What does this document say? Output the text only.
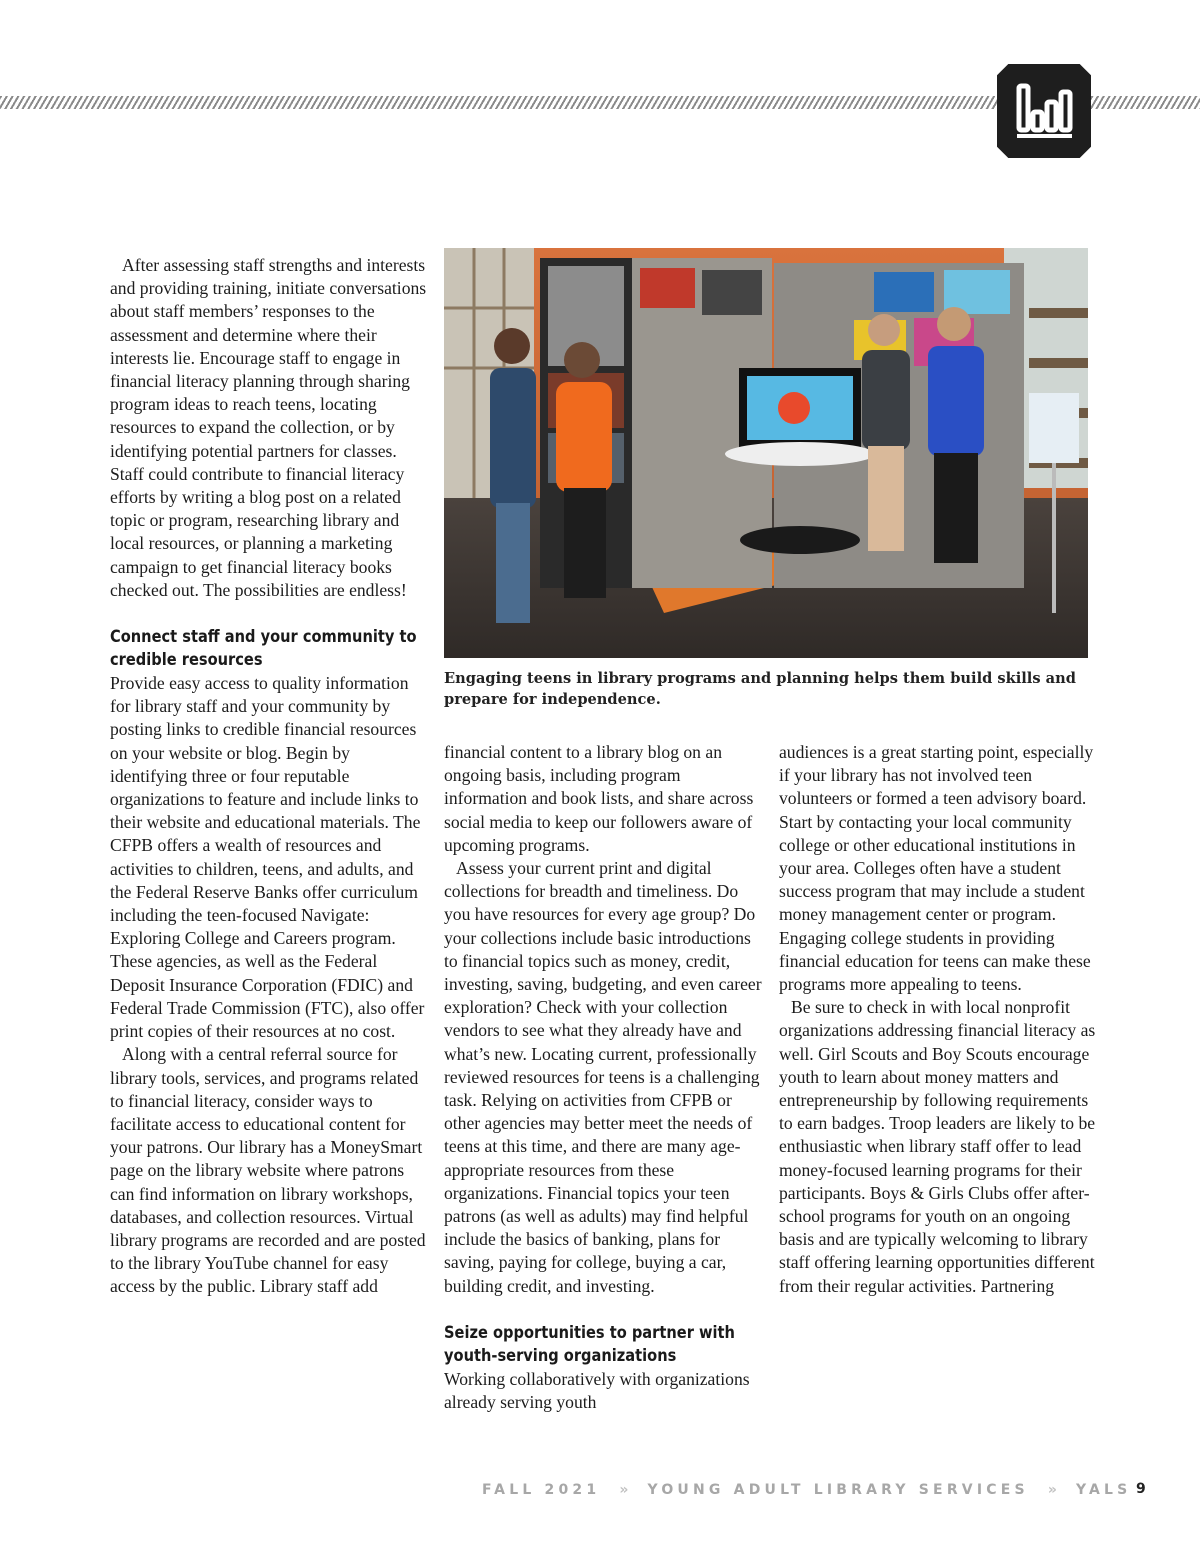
After assessing staff strengths and interests and providing training, initiate conversations about staff members’ responses to the assessment and determine where their interests lie. Encourage staff to engage in financial literacy planning through sharing program ideas to reach teens, locating resources to expand the collection, or by identifying potential partners for classes. Staff could contribute to financial literacy efforts by writing a blog post on a related topic or program, researching library and local resources, or planning a marketing campaign to get financial literacy books checked out. The possibilities are endless!

Connect staff and your community to credible resources

Provide easy access to quality information for library staff and your community by posting links to credible financial resources on your website or blog. Begin by identifying three or four reputable organizations to feature and include links to their website and educational materials. The CFPB offers a wealth of resources and activities to children, teens, and adults, and the Federal Reserve Banks offer curriculum including the teen-focused Navigate: Exploring College and Careers program. These agencies, as well as the Federal Deposit Insurance Corporation (FDIC) and Federal Trade Commission (FTC), also offer print copies of their resources at no cost.

Along with a central referral source for library tools, services, and programs related to financial literacy, consider ways to facilitate access to educational content for your patrons. Our library has a MoneySmart page on the library website where patrons can find information on library workshops, databases, and collection resources. Virtual library programs are recorded and are posted to the library YouTube channel for easy access by the public. Library staff add

Engaging teens in library programs and planning helps them build skills and prepare for independence.

financial content to a library blog on an ongoing basis, including program information and book lists, and share across social media to keep our followers aware of upcoming programs.

Assess your current print and digital collections for breadth and timeliness. Do you have resources for every age group? Do your collections include basic introductions to financial topics such as money, credit, investing, saving, budgeting, and even career exploration? Check with your collection vendors to see what they already have and what’s new. Locating current, professionally reviewed resources for teens is a challenging task. Relying on activities from CFPB or other agencies may better meet the needs of teens at this time, and there are many age-appropriate resources from these organizations. Financial topics your teen patrons (as well as adults) may find helpful include the basics of banking, plans for saving, paying for college, buying a car, building credit, and investing.

Seize opportunities to partner with youth-serving organizations

Working collaboratively with organizations already serving youth

audiences is a great starting point, especially if your library has not involved teen volunteers or formed a teen advisory board. Start by contacting your local community college or other educational institutions in your area. Colleges often have a student success program that may include a student money management center or program. Engaging college students in providing financial education for teens can make these programs more appealing to teens.

Be sure to check in with local nonprofit organizations addressing financial literacy as well. Girl Scouts and Boy Scouts encourage youth to learn about money matters and entrepreneurship by following requirements to earn badges. Troop leaders are likely to be enthusiastic when library staff offer to lead money-focused learning programs for their participants. Boys & Girls Clubs offer after-school programs for youth on an ongoing basis and are typically welcoming to library staff offering learning opportunities different from their regular activities. Partnering

FALL 2021 » YOUNG ADULT LIBRARY SERVICES » YALS 9
